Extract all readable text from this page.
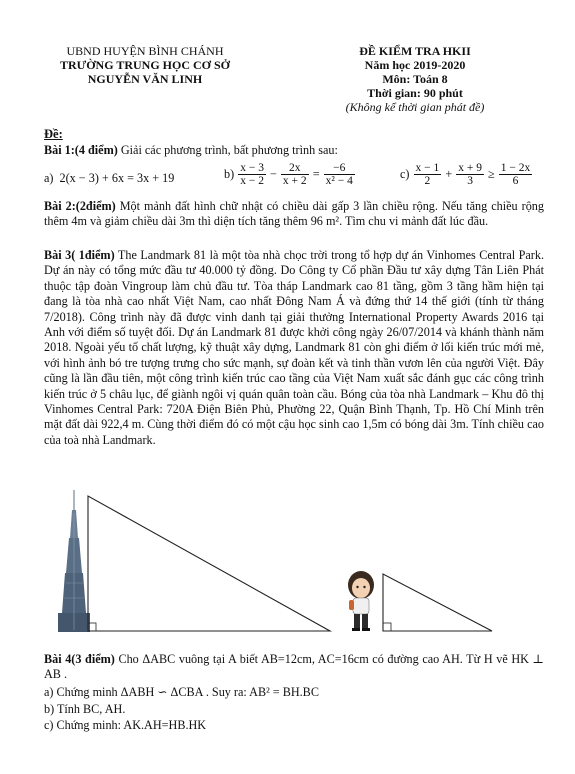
UBND HUYỆN BÌNH CHÁNH
TRƯỜNG TRUNG HỌC CƠ SỞ
NGUYỄN VĂN LINH
ĐỀ KIỂM TRA HKII
Năm học 2019-2020
Môn: Toán 8
Thời gian: 90 phút
(Không kể thời gian phát đề)
Đề:
Bài 1:(4 điểm) Giải các phương trình, bất phương trình sau:
a) 2(x − 3) + 6x = 3x + 19	$b) \frac{x - 3}{x - 2} - \frac{2x}{x + 2} = \frac{-6}{\text{x² − 4}}$	$c) \frac{x - 1}{2} + \frac{x + 9}{3} \ge \frac{1 - 2x}{6}$
Bài 2:(2điểm) Một mảnh đất hình chữ nhật có chiều dài gấp 3 lần chiều rộng. Nếu tăng chiều rộng thêm 4m và giảm chiều dài 3m thì diện tích tăng thêm 96 m². Tìm chu vi mảnh đất lúc đầu.
Bài 3( 1điểm) The Landmark 81 là một tòa nhà chọc trời trong tổ hợp dự án Vinhomes Central Park. Dự án này có tổng mức đầu tư 40.000 tỷ đồng. Do Công ty Cổ phần Đầu tư xây dựng Tân Liên Phát thuộc tập đoàn Vingroup làm chủ đầu tư. Tòa tháp Landmark cao 81 tầng, gồm 3 tầng hầm hiện tại đang là tòa nhà cao nhất Việt Nam, cao nhất Đông Nam Á và đứng thứ 14 thế giới (tính từ tháng 7/2018). Công trình này đã được vinh danh tại giải thưởng International Property Awards 2016 tại Anh với điểm số tuyệt đối. Dự án Landmark 81 được khởi công ngày 26/07/2014 và khánh thành năm 2018. Ngoài yếu tố chất lượng, kỹ thuật xây dựng, Landmark 81 còn ghi điểm ở lối kiến trúc mới mẻ, với hình ảnh bó tre tượng trưng cho sức mạnh, sự đoàn kết và tinh thần vươn lên của người Việt. Đây cũng là lần đầu tiên, một công trình kiến trúc cao tầng của Việt Nam xuất sắc đánh gục các công trình kiến trúc ở 5 châu lục, để giành ngôi vị quán quân toàn cầu. Bóng của tòa nhà Landmark – Khu đô thị Vinhomes Central Park: 720A Điện Biên Phủ, Phường 22, Quận Bình Thạnh, Tp. Hồ Chí Minh trên mặt đất dài 922,4 m. Cùng thời điểm đó có một cậu học sinh cao 1,5m có bóng dài 3m. Tính chiều cao của toà nhà Landmark.
Bài 4(3 điểm) Cho ΔABC vuông tại A biết AB=12cm, AC=16cm có đường cao AH. Từ H vẽ HK ⊥ AB .
a) Chứng minh ΔABH ∽ ΔCBA . Suy ra: AB² = BH.BC
b) Tính BC, AH.
c) Chứng minh: AK.AH=HB.HK
